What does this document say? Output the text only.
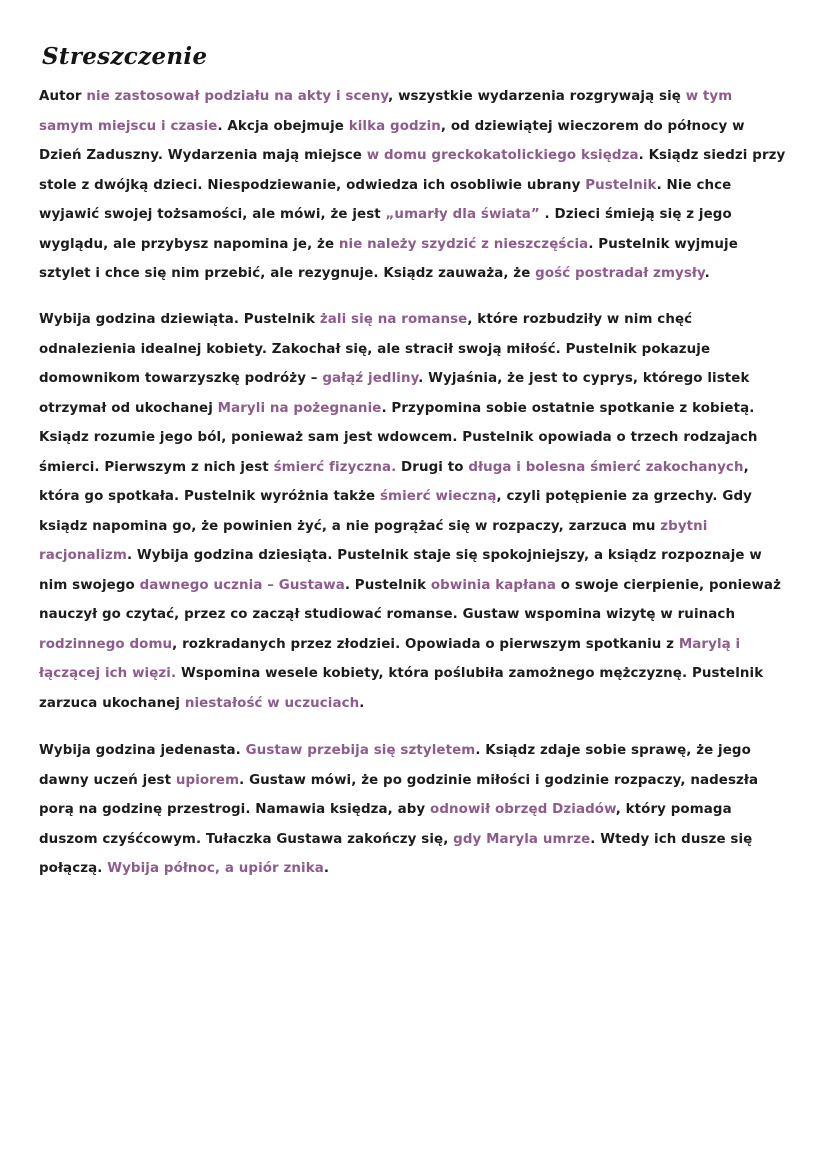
Streszczenie

Autor nie zastosował podziału na akty i sceny, wszystkie wydarzenia rozgrywają się w tym samym miejscu i czasie. Akcja obejmuje kilka godzin, od dziewiątej wieczorem do północy w Dzień Zaduszny. Wydarzenia mają miejsce w domu greckokatolickiego księdza. Ksiądz siedzi przy stole z dwójką dzieci. Niespodziewanie, odwiedza ich osobliwie ubrany Pustelnik. Nie chce wyjawić swojej tożsamości, ale mówi, że jest „umarły dla świata” . Dzieci śmieją się z jego wyglądu, ale przybysz napomina je, że nie należy szydzić z nieszczęścia. Pustelnik wyjmuje sztylet i chce się nim przebić, ale rezygnuje. Ksiądz zauważa, że gość postradał zmysły.

Wybija godzina dziewiąta. Pustelnik żali się na romanse, które rozbudziły w nim chęć odnalezienia idealnej kobiety. Zakochał się, ale stracił swoją miłość. Pustelnik pokazuje domownikom towarzyszkę podróży – gałąź jedliny. Wyjaśnia, że jest to cyprys, którego listek otrzymał od ukochanej Maryli na pożegnanie. Przypomina sobie ostatnie spotkanie z kobietą. Ksiądz rozumie jego ból, ponieważ sam jest wdowcem. Pustelnik opowiada o trzech rodzajach śmierci. Pierwszym z nich jest śmierć fizyczna. Drugi to długa i bolesna śmierć zakochanych, która go spotkała. Pustelnik wyróżnia także śmierć wieczną, czyli potępienie za grzechy. Gdy ksiądz napomina go, że powinien żyć, a nie pogrążać się w rozpaczy, zarzuca mu zbytni racjonalizm. Wybija godzina dziesiąta. Pustelnik staje się spokojniejszy, a ksiądz rozpoznaje w nim swojego dawnego ucznia – Gustawa. Pustelnik obwinia kapłana o swoje cierpienie, ponieważ nauczył go czytać, przez co zaczął studiować romanse. Gustaw wspomina wizytę w ruinach rodzinnego domu, rozkradanych przez złodziei. Opowiada o pierwszym spotkaniu z Marylą i łączącej ich więzi. Wspomina wesele kobiety, która poślubiła zamożnego mężczyznę. Pustelnik zarzuca ukochanej niestałość w uczuciach.

Wybija godzina jedenasta. Gustaw przebija się sztyletem. Ksiądz zdaje sobie sprawę, że jego dawny uczeń jest upiorem. Gustaw mówi, że po godzinie miłości i godzinie rozpaczy, nadeszła porą na godzinę przestrogi. Namawia księdza, aby odnowił obrzęd Dziadów, który pomaga duszom czyśćcowym. Tułaczka Gustawa zakończy się, gdy Maryla umrze. Wtedy ich dusze się połączą. Wybija północ, a upiór znika.
